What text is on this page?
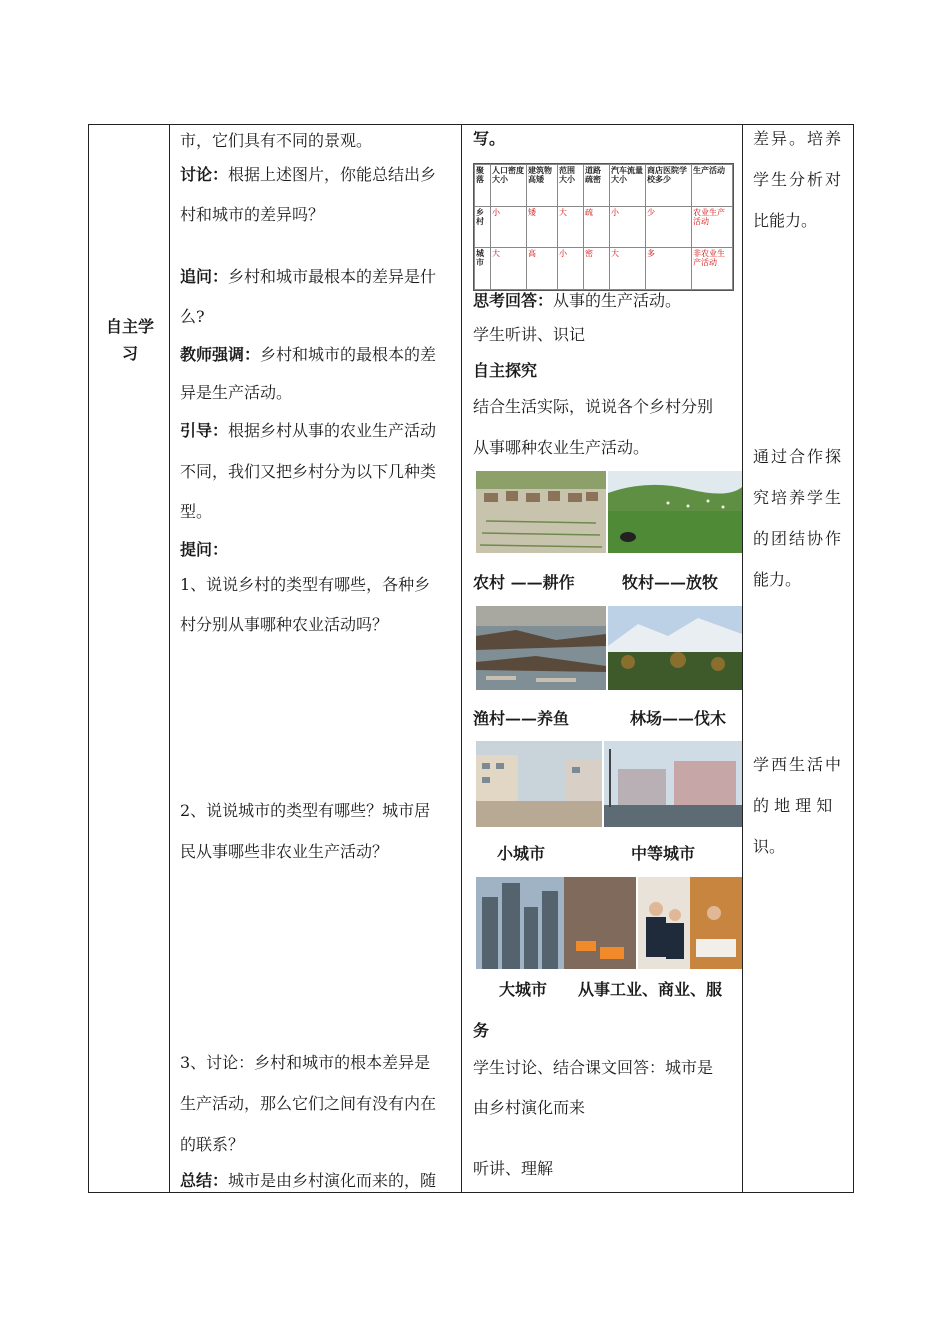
自主学习
市，它们具有不同的景观。
讨论：根据上述图片，你能总结出乡
村和城市的差异吗？
追问：乡村和城市最根本的差异是什
么?
教师强调：乡村和城市的最根本的差
异是生产活动。
引导：根据乡村从事的农业生产活动
不同，我们又把乡村分为以下几种类
型。
提问：
1、说说乡村的类型有哪些，各种乡
村分别从事哪种农业活动吗？
2、说说城市的类型有哪些？城市居
民从事哪些非农业生产活动？
3、讨论：乡村和城市的根本差异是
生产活动，那么它们之间有没有内在
的联系？
总结：城市是由乡村演化而来的，随
写。
聚落	人口密度大小	建筑物高矮	范围大小	道路疏密	汽车流量大小	商店医院学校多少	生产活动
乡村	小	矮	大	疏	小	少	农业生产活动
城市	大	高	小	密	大	多	非农业生产活动
思考回答：从事的生产活动。
学生听讲、识记
自主探究
结合生活实际，说说各个乡村分别
从事哪种农业生产活动。
农村 ——耕作	牧村——放牧
渔村——养鱼	林场——伐木
小城市	中等城市
大城市 从事工业、商业、服
务
学生讨论、结合课文回答：城市是
由乡村演化而来
听讲、理解
差异。培养
学生分析对
比能力。
通过合作探
究培养学生
的团结协作
能力。
学西生活中
的 地 理 知
识。
